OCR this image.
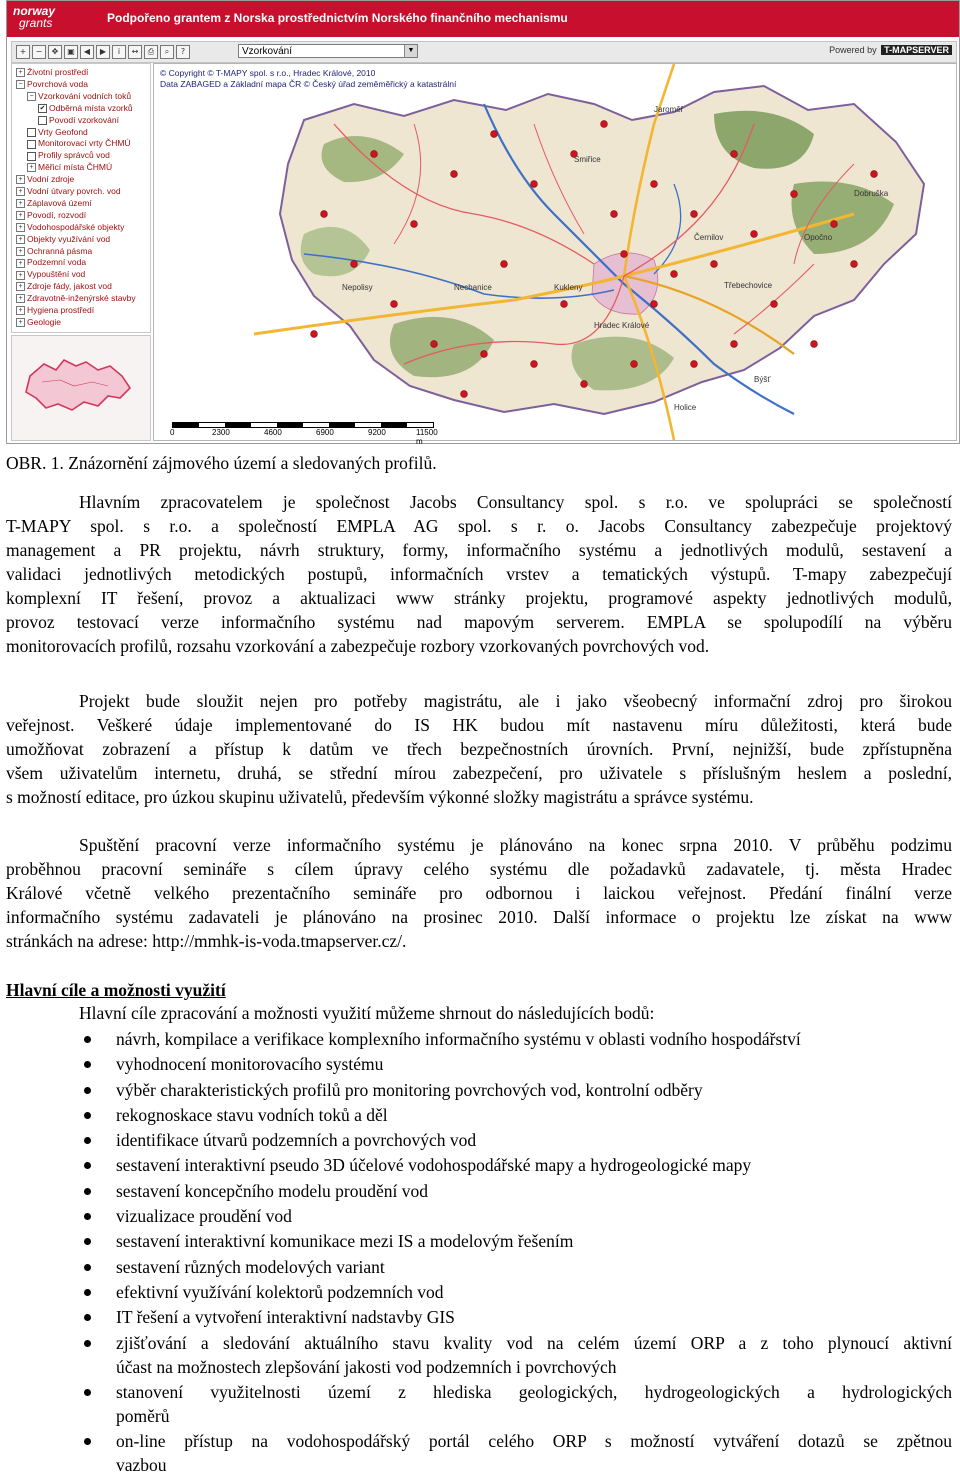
norway
grants	Podpořeno grantem z Norska prostřednictvím Norského finančního mechanismu
+	−	✥	▣	◀	▶	i	↔	⎙	⌕	?	Vzorkování	▼	Powered by T-MAPSERVER
+ Životní prostředí
− Povrchová voda
− Vzorkování vodních toků
✔ Odběrná místa vzorků
Povodí vzorkování
Vrty Geofond
Monitorovací vrty ČHMÚ
Profily správců vod
+ Měřicí místa ČHMÚ
+ Vodní zdroje
+ Vodní útvary povrch. vod
+ Záplavová území
+ Povodí, rozvodí
+ Vodohospodářské objekty
+ Objekty využívání vod
+ Ochranná pásma
+ Podzemní voda
+ Vypouštění vod
+ Zdroje fády, jakost vod
+ Zdravotně-inženýrské stavby
+ Hygiena prostředí
+ Geologie
Nepolisy	Nechanice
Hradec Králové
Opočno
Třebechovice
Dobruška
Černilov
Smiřice
Jaroměř
Holice
Býšť
Kukleny
© Copyright © T-MAPY spol. s r.o., Hradec Králové, 2010
Data ZABAGED a Základní mapa ČR © Český úřad zeměměřický a katastrální
0	2300	4600	6900	9200	11500 m
OBR. 1. Znázornění zájmového území a sledovaných profilů.
Hlavním zpracovatelem je společnost Jacobs Consultancy spol. s r.o. ve spolupráci se společností
T-MAPY spol. s r.o. a společností EMPLA AG spol. s r. o. Jacobs Consultancy zabezpečuje projektový
management a PR projektu, návrh struktury, formy, informačního systému a jednotlivých modulů, sestavení a
validaci jednotlivých metodických postupů, informačních vrstev a tematických výstupů. T-mapy zabezpečují
komplexní IT řešení, provoz a aktualizaci www stránky projektu, programové aspekty jednotlivých modulů,
provoz testovací verze informačního systému nad mapovým serverem. EMPLA se spolupodílí na výběru
monitorovacích profilů, rozsahu vzorkování a zabezpečuje rozbory vzorkovaných povrchových vod.
Projekt bude sloužit nejen pro potřeby magistrátu, ale i jako všeobecný informační zdroj pro širokou
veřejnost. Veškeré údaje implementované do IS HK budou mít nastavenu míru důležitosti, která bude
umožňovat zobrazení a přístup k datům ve třech bezpečnostních úrovních. První, nejnižší, bude zpřístupněna
všem uživatelům internetu, druhá, se střední mírou zabezpečení, pro uživatele s příslušným heslem a poslední,
s možností editace, pro úzkou skupinu uživatelů, především výkonné složky magistrátu a správce systému.
Spuštění pracovní verze informačního systému je plánováno na konec srpna 2010. V průběhu podzimu
proběhnou pracovní semináře s cílem úpravy celého systému dle požadavků zadavatele, tj. města Hradec
Králové včetně velkého prezentačního semináře pro odbornou i laickou veřejnost. Předání finální verze
informačního systému zadavateli je plánováno na prosinec 2010. Další informace o projektu lze získat na www
stránkách na adrese: http://mmhk-is-voda.tmapserver.cz/.
Hlavní cíle a možnosti využití
Hlavní cíle zpracování a možnosti využití můžeme shrnout do následujících bodů:
návrh, kompilace a verifikace komplexního informačního systému v oblasti vodního hospodářství
vyhodnocení monitorovacího systému
výběr charakteristických profilů pro monitoring povrchových vod, kontrolní odběry
rekognoskace stavu vodních toků a děl
identifikace útvarů podzemních a povrchových vod
sestavení interaktivní pseudo 3D účelové vodohospodářské mapy a hydrogeologické mapy
sestavení koncepčního modelu proudění vod
vizualizace proudění vod
sestavení interaktivní komunikace mezi IS a modelovým řešením
sestavení různých modelových variant
efektivní využívání kolektorů podzemních vod
IT řešení a vytvoření interaktivní nadstavby GIS
zjišťování a sledování aktuálního stavu kvality vod na celém území ORP a z toho plynoucí aktivní
účast na možnostech zlepšování jakosti vod podzemních i povrchových
stanovení využitelnosti území z hlediska geologických, hydrogeologických a hydrologických
poměrů
on-line přístup na vodohospodářský portál celého ORP s možností vytváření dotazů se zpětnou
vazbou
